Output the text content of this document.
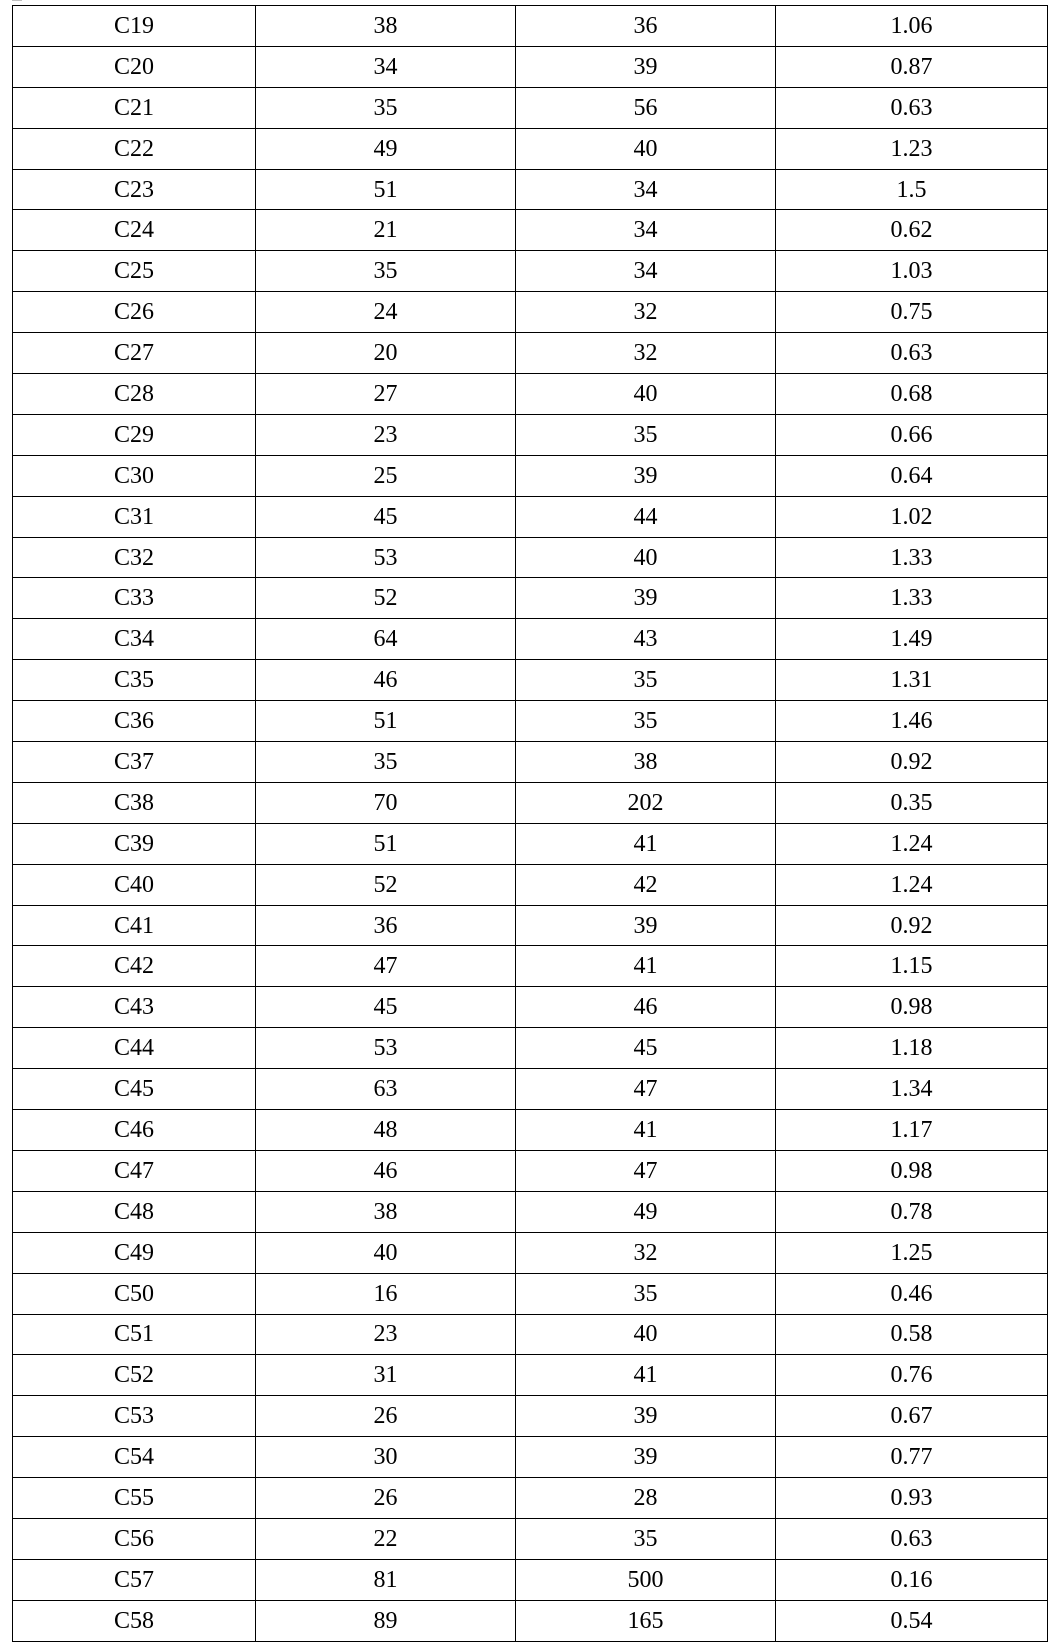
C19	38	36	1.06
C20	34	39	0.87
C21	35	56	0.63
C22	49	40	1.23
C23	51	34	1.5
C24	21	34	0.62
C25	35	34	1.03
C26	24	32	0.75
C27	20	32	0.63
C28	27	40	0.68
C29	23	35	0.66
C30	25	39	0.64
C31	45	44	1.02
C32	53	40	1.33
C33	52	39	1.33
C34	64	43	1.49
C35	46	35	1.31
C36	51	35	1.46
C37	35	38	0.92
C38	70	202	0.35
C39	51	41	1.24
C40	52	42	1.24
C41	36	39	0.92
C42	47	41	1.15
C43	45	46	0.98
C44	53	45	1.18
C45	63	47	1.34
C46	48	41	1.17
C47	46	47	0.98
C48	38	49	0.78
C49	40	32	1.25
C50	16	35	0.46
C51	23	40	0.58
C52	31	41	0.76
C53	26	39	0.67
C54	30	39	0.77
C55	26	28	0.93
C56	22	35	0.63
C57	81	500	0.16
C58	89	165	0.54
